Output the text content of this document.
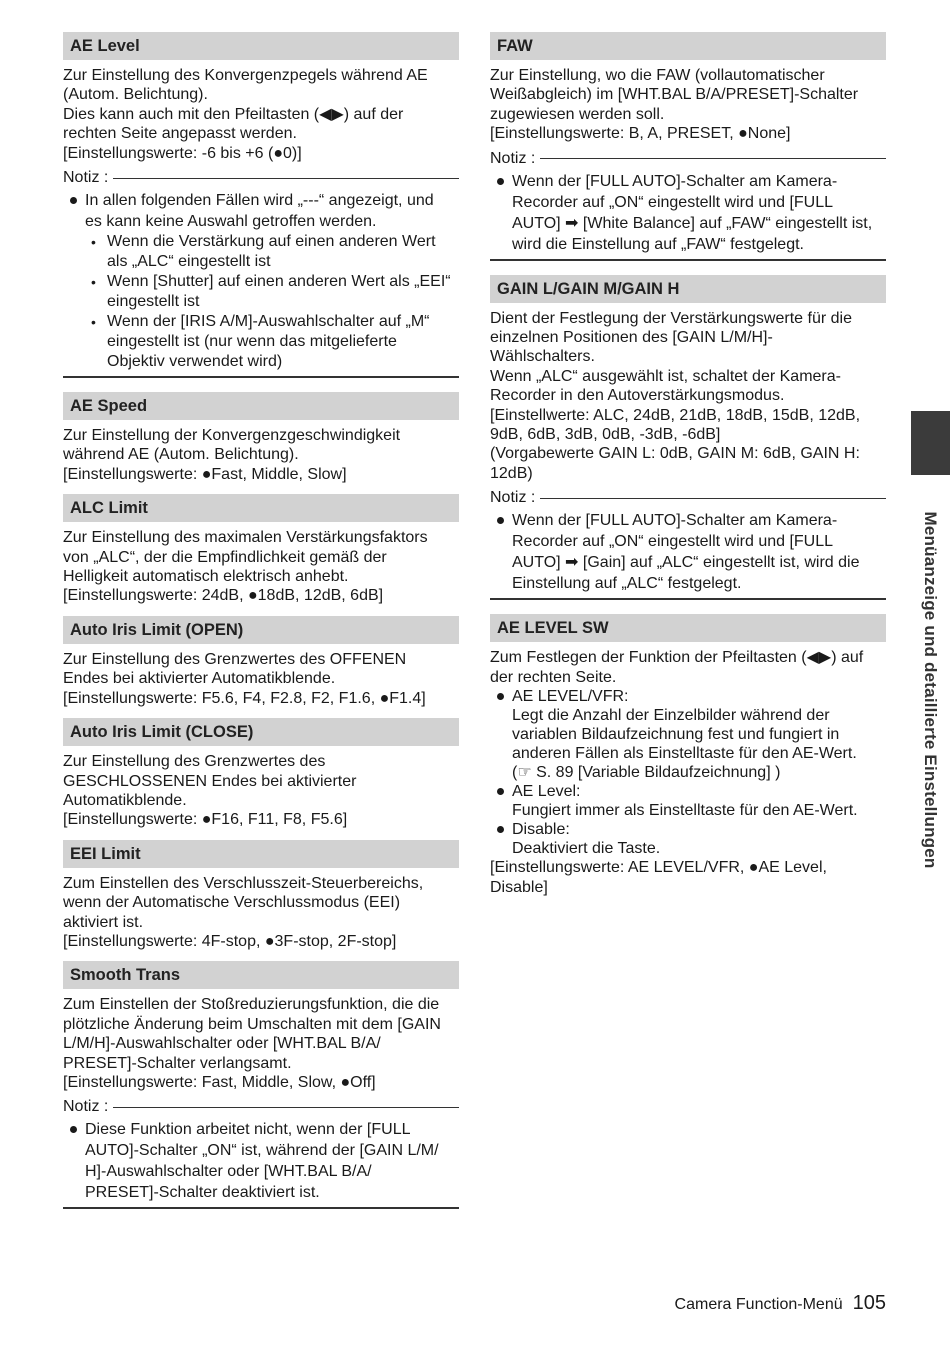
AE Level
Zur Einstellung des Konvergenzpegels während AE
(Autom. Belichtung).
Dies kann auch mit den Pfeiltasten (◀▶) auf der
rechten Seite angepasst werden.
[Einstellungswerte: -6 bis +6 (●0)]
Notiz :
In allen folgenden Fällen wird „---“ angezeigt, und
es kann keine Auswahl getroffen werden.
• Wenn die Verstärkung auf einen anderen Wert
als „ALC“ eingestellt ist
• Wenn [Shutter] auf einen anderen Wert als „EEI“
eingestellt ist
• Wenn der [IRIS A/M]-Auswahlschalter auf „M“
eingestellt ist (nur wenn das mitgelieferte
Objektiv verwendet wird)
AE Speed
Zur Einstellung der Konvergenzgeschwindigkeit
während AE (Autom. Belichtung).
[Einstellungswerte: ●Fast, Middle, Slow]
ALC Limit
Zur Einstellung des maximalen Verstärkungsfaktors
von „ALC“, der die Empfindlichkeit gemäß der
Helligkeit automatisch elektrisch anhebt.
[Einstellungswerte: 24dB, ●18dB, 12dB, 6dB]
Auto Iris Limit (OPEN)
Zur Einstellung des Grenzwertes des OFFENEN
Endes bei aktivierter Automatikblende.
[Einstellungswerte: F5.6, F4, F2.8, F2, F1.6, ●F1.4]
Auto Iris Limit (CLOSE)
Zur Einstellung des Grenzwertes des
GESCHLOSSENEN Endes bei aktivierter
Automatikblende.
[Einstellungswerte: ●F16, F11, F8, F5.6]
EEI Limit
Zum Einstellen des Verschlusszeit-Steuerbereichs,
wenn der Automatische Verschlussmodus (EEI)
aktiviert ist.
[Einstellungswerte: 4F-stop, ●3F-stop, 2F-stop]
Smooth Trans
Zum Einstellen der Stoßreduzierungsfunktion, die die
plötzliche Änderung beim Umschalten mit dem [GAIN
L/M/H]-Auswahlschalter oder [WHT.BAL B/A/
PRESET]-Schalter verlangsamt.
[Einstellungswerte: Fast, Middle, Slow, ●Off]
Notiz :
Diese Funktion arbeitet nicht, wenn der [FULL
AUTO]-Schalter „ON“ ist, während der [GAIN L/M/
H]-Auswahlschalter oder [WHT.BAL B/A/
PRESET]-Schalter deaktiviert ist.
FAW
Zur Einstellung, wo die FAW (vollautomatischer
Weißabgleich) im [WHT.BAL B/A/PRESET]-Schalter
zugewiesen werden soll.
[Einstellungswerte: B, A, PRESET, ●None]
Notiz :
Wenn der [FULL AUTO]-Schalter am Kamera-
Recorder auf „ON“ eingestellt wird und [FULL
AUTO] ➡ [White Balance] auf „FAW“ eingestellt ist,
wird die Einstellung auf „FAW“ festgelegt.
GAIN L/GAIN M/GAIN H
Dient der Festlegung der Verstärkungswerte für die
einzelnen Positionen des [GAIN L/M/H]-
Wählschalters.
Wenn „ALC“ ausgewählt ist, schaltet der Kamera-
Recorder in den Autoverstärkungsmodus.
[Einstellwerte: ALC, 24dB, 21dB, 18dB, 15dB, 12dB,
9dB, 6dB, 3dB, 0dB, -3dB, -6dB]
(Vorgabewerte GAIN L: 0dB, GAIN M: 6dB, GAIN H:
12dB)
Notiz :
Wenn der [FULL AUTO]-Schalter am Kamera-
Recorder auf „ON“ eingestellt wird und [FULL
AUTO] ➡ [Gain] auf „ALC“ eingestellt ist, wird die
Einstellung auf „ALC“ festgelegt.
AE LEVEL SW
Zum Festlegen der Funktion der Pfeiltasten (◀▶) auf
der rechten Seite.
AE LEVEL/VFR:
Legt die Anzahl der Einzelbilder während der
variablen Bildaufzeichnung fest und fungiert in
anderen Fällen als Einstelltaste für den AE-Wert.
(☞ S. 89 [Variable Bildaufzeichnung] )
AE Level:
Fungiert immer als Einstelltaste für den AE-Wert.
Disable:
Deaktiviert die Taste.
[Einstellungswerte: AE LEVEL/VFR, ●AE Level,
Disable]
Menüanzeige und detaillierte Einstellungen
Camera Function-Menü 105
